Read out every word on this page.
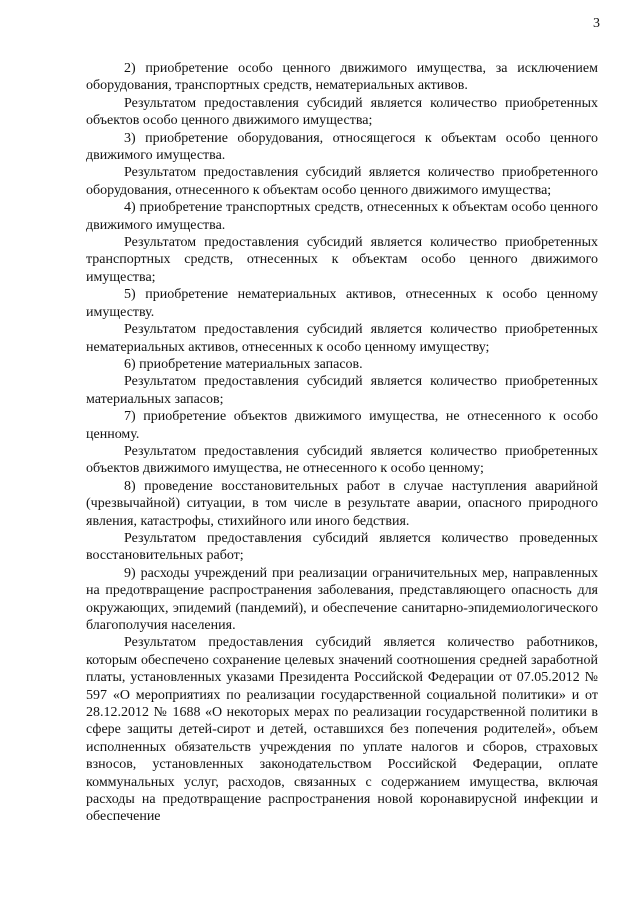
3

2) приобретение особо ценного движимого имущества, за исключением оборудования, транспортных средств, нематериальных активов.

Результатом предоставления субсидий является количество приобретенных объектов особо ценного движимого имущества;

3) приобретение оборудования, относящегося к объектам особо ценного движимого имущества.

Результатом предоставления субсидий является количество приобретенного оборудования, отнесенного к объектам особо ценного движимого имущества;

4) приобретение транспортных средств, отнесенных к объектам особо ценного движимого имущества.

Результатом предоставления субсидий является количество приобретенных транспортных средств, отнесенных к объектам особо ценного движимого имущества;

5) приобретение нематериальных активов, отнесенных к особо ценному имуществу.

Результатом предоставления субсидий является количество приобретенных нематериальных активов, отнесенных к особо ценному имуществу;

6) приобретение материальных запасов.

Результатом предоставления субсидий является количество приобретенных материальных запасов;

7) приобретение объектов движимого имущества, не отнесенного к особо ценному.

Результатом предоставления субсидий является количество приобретенных объектов движимого имущества, не отнесенного к особо ценному;

8) проведение восстановительных работ в случае наступления аварийной (чрезвычайной) ситуации, в том числе в результате аварии, опасного природного явления, катастрофы, стихийного или иного бедствия.

Результатом предоставления субсидий является количество проведенных восстановительных работ;

9) расходы учреждений при реализации ограничительных мер, направленных на предотвращение распространения заболевания, представляющего опасность для окружающих, эпидемий (пандемий), и обеспечение санитарно-эпидемиологического благополучия населения.

Результатом предоставления субсидий является количество работников, которым обеспечено сохранение целевых значений соотношения средней заработной платы, установленных указами Президента Российской Федерации от 07.05.2012 № 597 «О мероприятиях по реализации государственной социальной политики» и от 28.12.2012 № 1688 «О некоторых мерах по реализации государственной политики в сфере защиты детей-сирот и детей, оставшихся без попечения родителей», объем исполненных обязательств учреждения по уплате налогов и сборов, страховых взносов, установленных законодательством Российской Федерации, оплате коммунальных услуг, расходов, связанных с содержанием имущества, включая расходы на предотвращение распространения новой коронавирусной инфекции и обеспечение
